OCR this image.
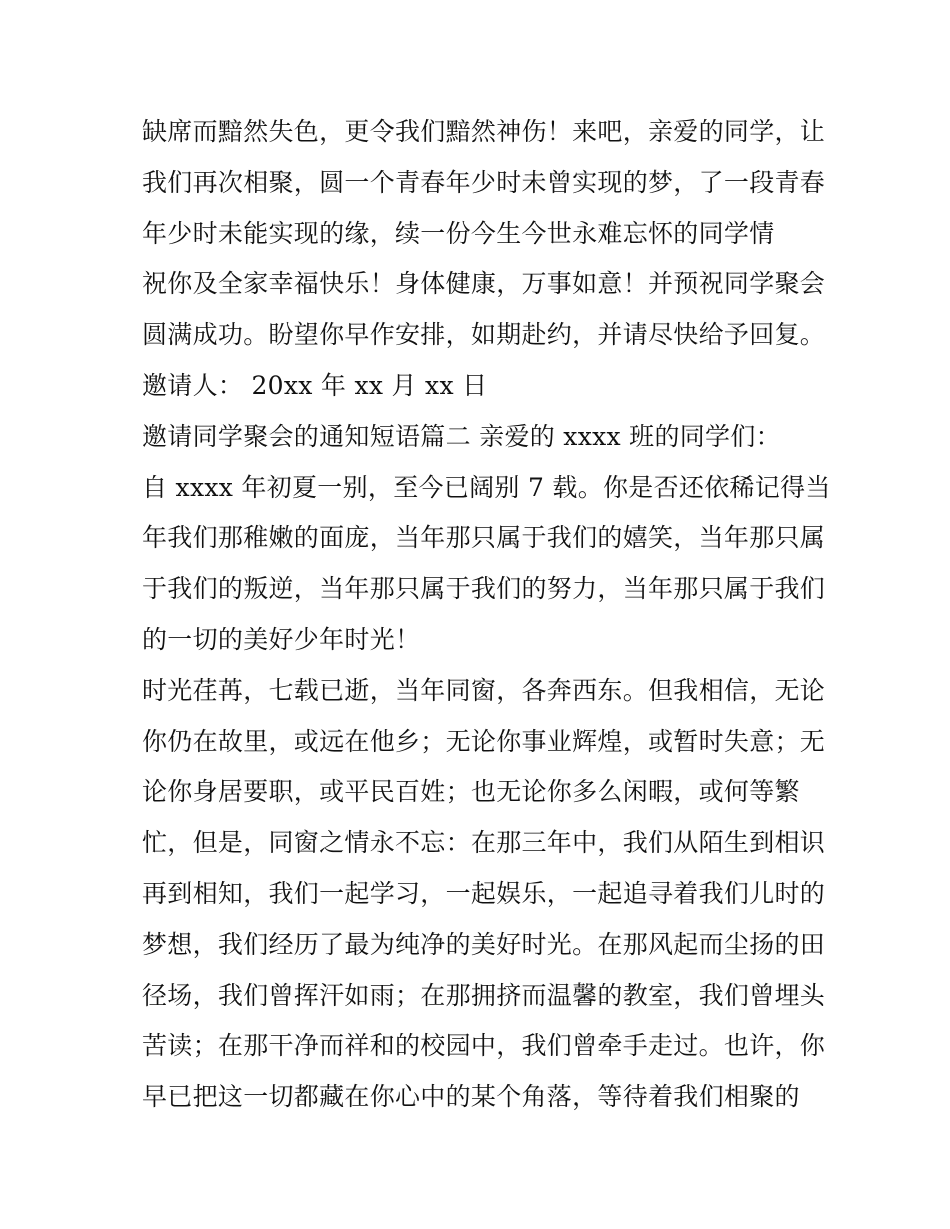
缺席而黯然失色，更令我们黯然神伤！来吧，亲爱的同学，让
我们再次相聚，圆一个青春年少时未曾实现的梦，了一段青春
年少时未能实现的缘，续一份今生今世永难忘怀的同学情
祝你及全家幸福快乐！身体健康，万事如意！并预祝同学聚会
圆满成功。盼望你早作安排，如期赴约，并请尽快给予回复。
邀请人： 20xx 年 xx 月 xx 日
邀请同学聚会的通知短语篇二 亲爱的 xxxx 班的同学们：
自 xxxx 年初夏一别，至今已阔别 7 载。你是否还依稀记得当
年我们那稚嫩的面庞，当年那只属于我们的嬉笑，当年那只属
于我们的叛逆，当年那只属于我们的努力，当年那只属于我们
的一切的美好少年时光！
时光荏苒，七载已逝，当年同窗，各奔西东。但我相信，无论
你仍在故里，或远在他乡；无论你事业辉煌，或暂时失意；无
论你身居要职，或平民百姓；也无论你多么闲暇，或何等繁
忙，但是，同窗之情永不忘：在那三年中，我们从陌生到相识
再到相知，我们一起学习，一起娱乐，一起追寻着我们儿时的
梦想，我们经历了最为纯净的美好时光。在那风起而尘扬的田
径场，我们曾挥汗如雨；在那拥挤而温馨的教室，我们曾埋头
苦读；在那干净而祥和的校园中，我们曾牵手走过。也许，你
早已把这一切都藏在你心中的某个角落，等待着我们相聚的
